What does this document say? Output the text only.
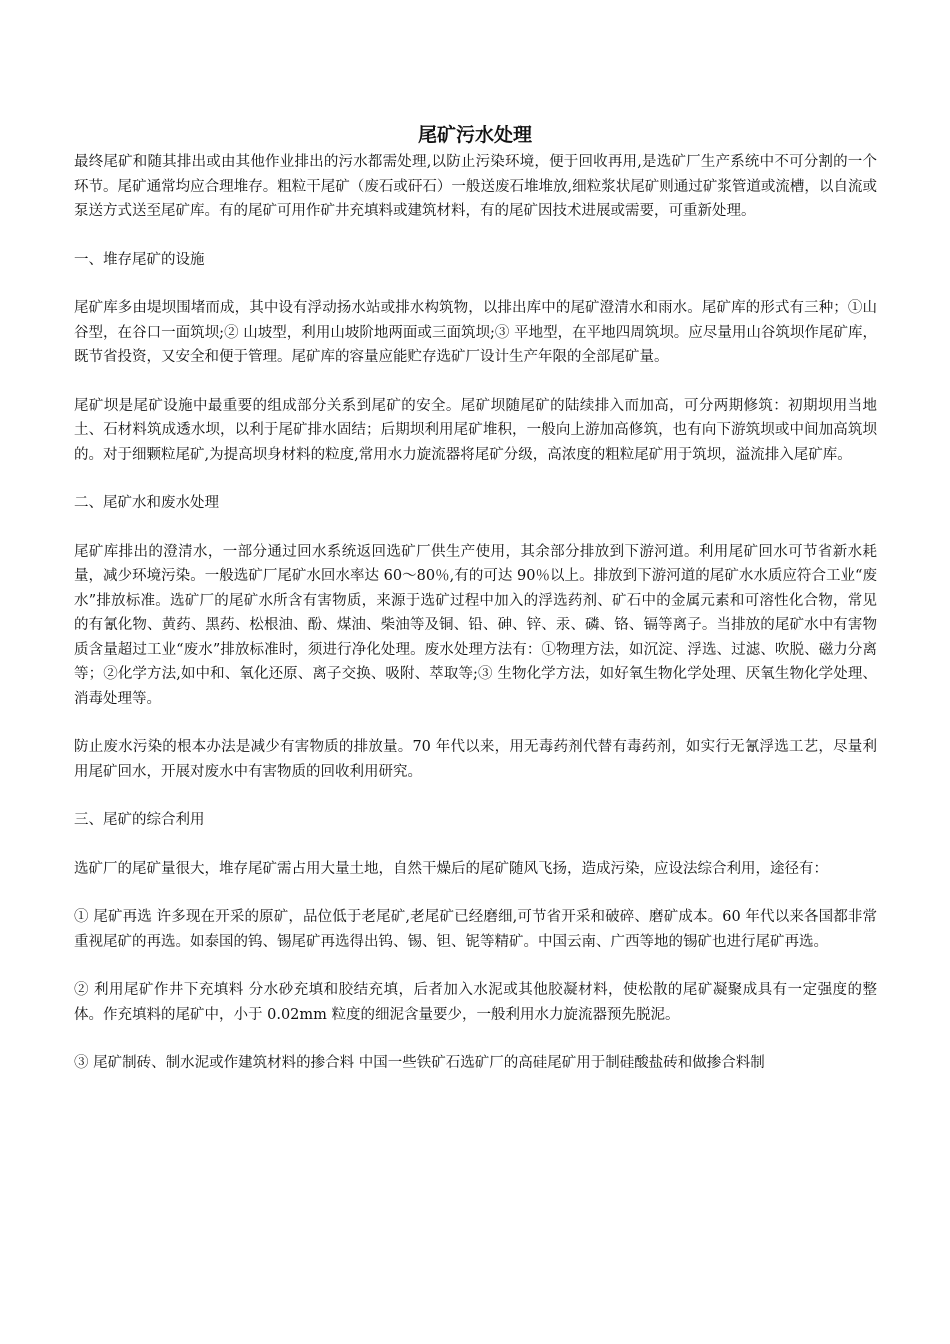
尾矿污水处理

最终尾矿和随其排出或由其他作业排出的污水都需处理,以防止污染环境，便于回收再用,是选矿厂生产系统中不可分割的一个环节。尾矿通常均应合理堆存。粗粒干尾矿（废石或矸石）一般送废石堆堆放,细粒浆状尾矿则通过矿浆管道或流槽，以自流或泵送方式送至尾矿库。有的尾矿可用作矿井充填料或建筑材料，有的尾矿因技术进展或需要，可重新处理。

一、堆存尾矿的设施

尾矿库多由堤坝围堵而成，其中设有浮动扬水站或排水构筑物，以排出库中的尾矿澄清水和雨水。尾矿库的形式有三种；①山谷型，在谷口一面筑坝;② 山坡型，利用山坡阶地两面或三面筑坝;③ 平地型，在平地四周筑坝。应尽量用山谷筑坝作尾矿库，既节省投资，又安全和便于管理。尾矿库的容量应能贮存选矿厂设计生产年限的全部尾矿量。

尾矿坝是尾矿设施中最重要的组成部分关系到尾矿的安全。尾矿坝随尾矿的陆续排入而加高，可分两期修筑：初期坝用当地土、石材料筑成透水坝，以利于尾矿排水固结；后期坝利用尾矿堆积，一般向上游加高修筑，也有向下游筑坝或中间加高筑坝的。对于细颗粒尾矿,为提高坝身材料的粒度,常用水力旋流器将尾矿分级，高浓度的粗粒尾矿用于筑坝，溢流排入尾矿库。

二、尾矿水和废水处理

尾矿库排出的澄清水，一部分通过回水系统返回选矿厂供生产使用，其余部分排放到下游河道。利用尾矿回水可节省新水耗量，减少环境污染。一般选矿厂尾矿水回水率达 60～80％,有的可达 90％以上。排放到下游河道的尾矿水水质应符合工业“废水”排放标准。选矿厂的尾矿水所含有害物质，来源于选矿过程中加入的浮选药剂、矿石中的金属元素和可溶性化合物，常见的有氰化物、黄药、黑药、松根油、酚、煤油、柴油等及铜、铅、砷、锌、汞、磷、铬、镉等离子。当排放的尾矿水中有害物质含量超过工业“废水”排放标准时，须进行净化处理。废水处理方法有：①物理方法，如沉淀、浮选、过滤、吹脱、磁力分离等；②化学方法,如中和、氧化还原、离子交换、吸附、萃取等;③ 生物化学方法，如好氧生物化学处理、厌氧生物化学处理、消毒处理等。

防止废水污染的根本办法是减少有害物质的排放量。70 年代以来，用无毒药剂代替有毒药剂，如实行无氰浮选工艺，尽量利用尾矿回水，开展对废水中有害物质的回收利用研究。

三、尾矿的综合利用

选矿厂的尾矿量很大，堆存尾矿需占用大量土地，自然干燥后的尾矿随风飞扬，造成污染，应设法综合利用，途径有：

① 尾矿再选 许多现在开采的原矿，品位低于老尾矿,老尾矿已经磨细,可节省开采和破碎、磨矿成本。60 年代以来各国都非常重视尾矿的再选。如泰国的钨、锡尾矿再选得出钨、锡、钽、铌等精矿。中国云南、广西等地的锡矿也进行尾矿再选。

② 利用尾矿作井下充填料 分水砂充填和胶结充填，后者加入水泥或其他胶凝材料，使松散的尾矿凝聚成具有一定强度的整体。作充填料的尾矿中，小于 0.02mm 粒度的细泥含量要少，一般利用水力旋流器预先脱泥。

③ 尾矿制砖、制水泥或作建筑材料的掺合料 中国一些铁矿石选矿厂的高硅尾矿用于制硅酸盐砖和做掺合料制
